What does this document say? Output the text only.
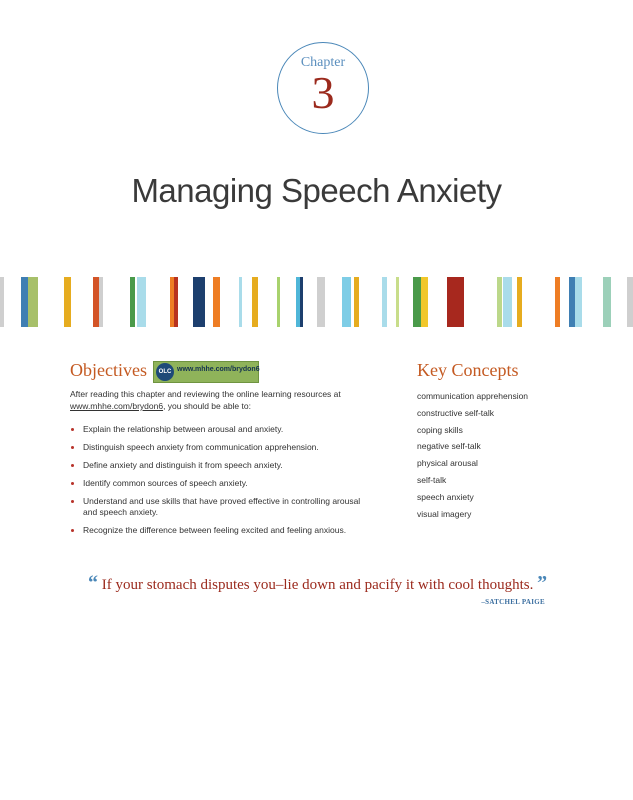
Chapter
3
Managing Speech Anxiety
Objectives	OLC www.mhhe.com/brydon6
After reading this chapter and reviewing the online learning resources at www.mhhe.com/brydon6, you should be able to:
Explain the relationship between arousal and anxiety.
Distinguish speech anxiety from communication apprehension.
Define anxiety and distinguish it from speech anxiety.
Identify common sources of speech anxiety.
Understand and use skills that have proved effective in controlling arousal and speech anxiety.
Recognize the difference between feeling excited and feeling anxious.
Key Concepts
communication apprehension
constructive self-talk
coping skills
negative self-talk
physical arousal
self-talk
speech anxiety
visual imagery
“ If your stomach disputes you–lie down and pacify it with cool thoughts. ”
–SATCHEL PAIGE
